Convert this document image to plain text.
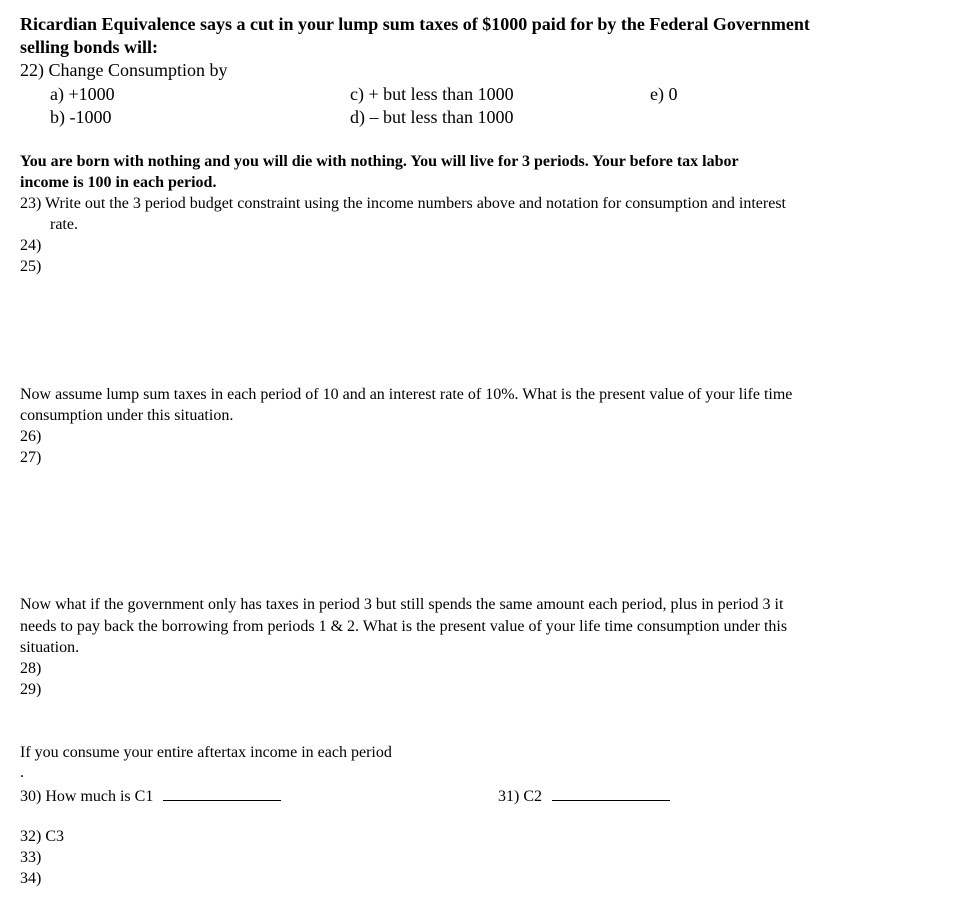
Ricardian Equivalence says a cut in your lump sum taxes of $1000 paid for by the Federal Government
selling bonds will:
22) Change Consumption by
a) +1000
b) -1000
c) + but less than 1000
d) – but less than 1000
e) 0
You are born with nothing and you will die with nothing. You will live for 3 periods. Your before tax labor
income is 100 in each period.
23) Write out the 3 period budget constraint using the income numbers above and notation for consumption and interest
rate.
24)
25)
Now assume lump sum taxes in each period of 10 and an interest rate of 10%. What is the present value of your life time
consumption under this situation.
26)
27)
Now what if the government only has taxes in period 3 but still spends the same amount each period, plus in period 3 it
needs to pay back the borrowing from periods 1 & 2. What is the present value of your life time consumption under this
situation.
28)
29)
If you consume your entire aftertax income in each period
.
30) How much is C1	31) C2
32) C3
33)
34)
